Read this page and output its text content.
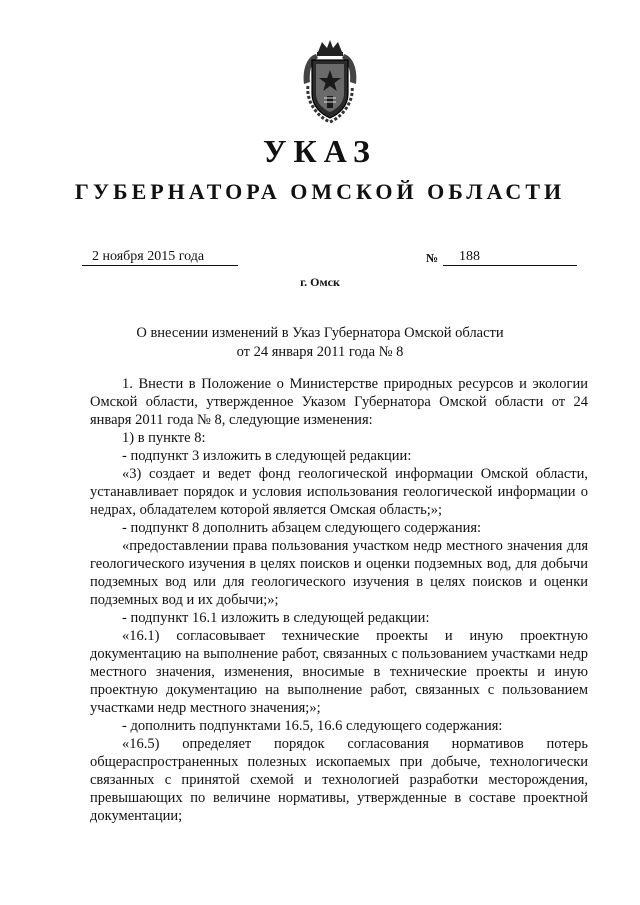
УКАЗ
ГУБЕРНАТОРА ОМСКОЙ ОБЛАСТИ
2 ноября 2015 года	№	188
г. Омск
О внесении изменений в Указ Губернатора Омской области
от 24 января 2011 года № 8

1. Внести в Положение о Министерстве природных ресурсов и экологии Омской области, утвержденное Указом Губернатора Омской области от 24 января 2011 года № 8, следующие изменения:

1) в пункте 8:

- подпункт 3 изложить в следующей редакции:

«3) создает и ведет фонд геологической информации Омской области, устанавливает порядок и условия использования геологической информации о недрах, обладателем которой является Омская область;»;

- подпункт 8 дополнить абзацем следующего содержания:

«предоставлении права пользования участком недр местного значения для геологического изучения в целях поисков и оценки подземных вод, для добычи подземных вод или для геологического изучения в целях поисков и оценки подземных вод и их добычи;»;

- подпункт 16.1 изложить в следующей редакции:

«16.1) согласовывает технические проекты и иную проектную документацию на выполнение работ, связанных с пользованием участками недр местного значения, изменения, вносимые в технические проекты и иную проектную документацию на выполнение работ, связанных с пользованием участками недр местного значения;»;

- дополнить подпунктами 16.5, 16.6 следующего содержания:

«16.5) определяет порядок согласования нормативов потерь общераспространенных полезных ископаемых при добыче, технологически связанных с принятой схемой и технологией разработки месторождения, превышающих по величине нормативы, утвержденные в составе проектной документации;
